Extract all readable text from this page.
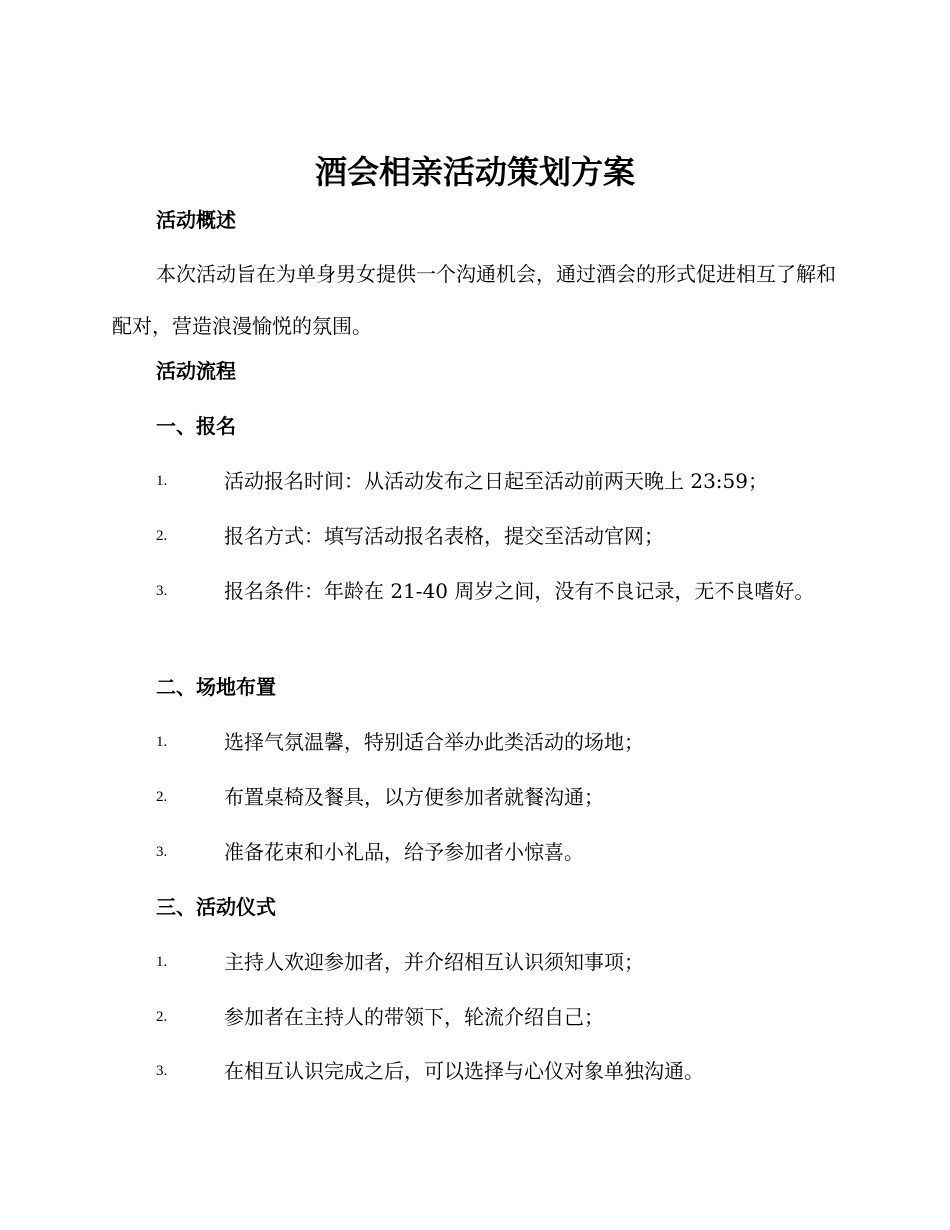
酒会相亲活动策划方案
活动概述

本次活动旨在为单身男女提供一个沟通机会，通过酒会的形式促进相互了解和配对，营造浪漫愉悦的氛围。

活动流程
一、报名
1.	活动报名时间：从活动发布之日起至活动前两天晚上 23:59；
2.	报名方式：填写活动报名表格，提交至活动官网；
3.	报名条件：年龄在 21-40 周岁之间，没有不良记录，无不良嗜好。
二、场地布置
1.	选择气氛温馨，特别适合举办此类活动的场地；
2.	布置桌椅及餐具，以方便参加者就餐沟通；
3.	准备花束和小礼品，给予参加者小惊喜。
三、活动仪式
1.	主持人欢迎参加者，并介绍相互认识须知事项；
2.	参加者在主持人的带领下，轮流介绍自己；
3.	在相互认识完成之后，可以选择与心仪对象单独沟通。
